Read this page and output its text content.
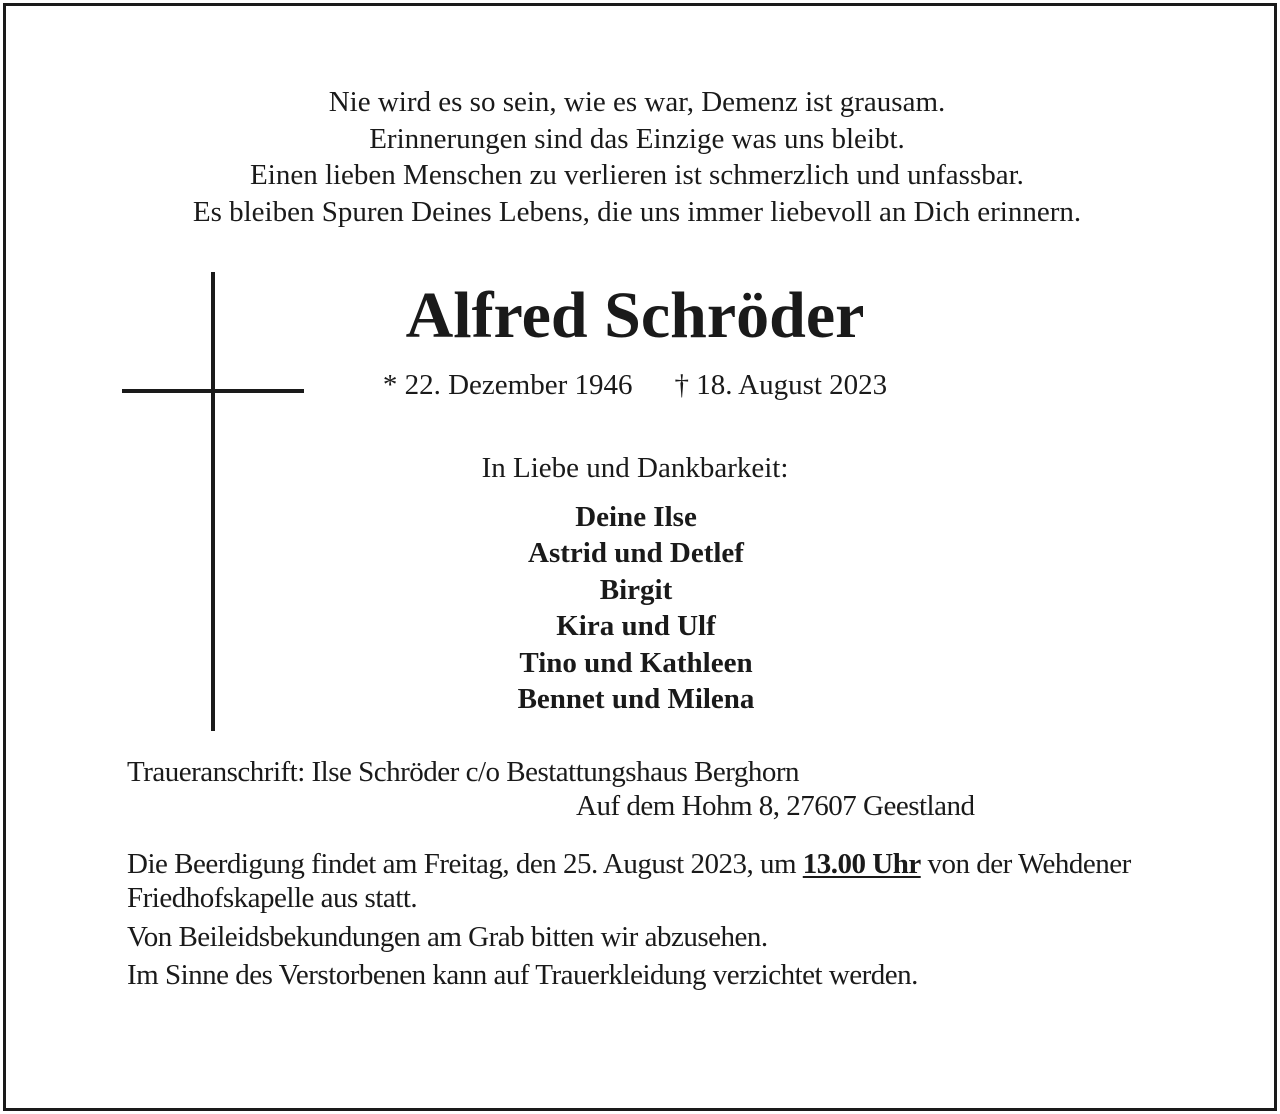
Nie wird es so sein, wie es war, Demenz ist grausam.
Erinnerungen sind das Einzige was uns bleibt.
Einen lieben Menschen zu verlieren ist schmerzlich und unfassbar.
Es bleiben Spuren Deines Lebens, die uns immer liebevoll an Dich erinnern.
Alfred Schröder
* 22. Dezember 1946 † 18. August 2023
In Liebe und Dankbarkeit:
Deine Ilse
Astrid und Detlef
Birgit
Kira und Ulf
Tino und Kathleen
Bennet und Milena
Traueranschrift: Ilse Schröder c/o Bestattungshaus Berghorn
Auf dem Hohm 8, 27607 Geestland

Die Beerdigung findet am Freitag, den 25. August 2023, um 13.00 Uhr von der Wehdener Friedhofskapelle aus statt.

Von Beileidsbekundungen am Grab bitten wir abzusehen.

Im Sinne des Verstorbenen kann auf Trauerkleidung verzichtet werden.
